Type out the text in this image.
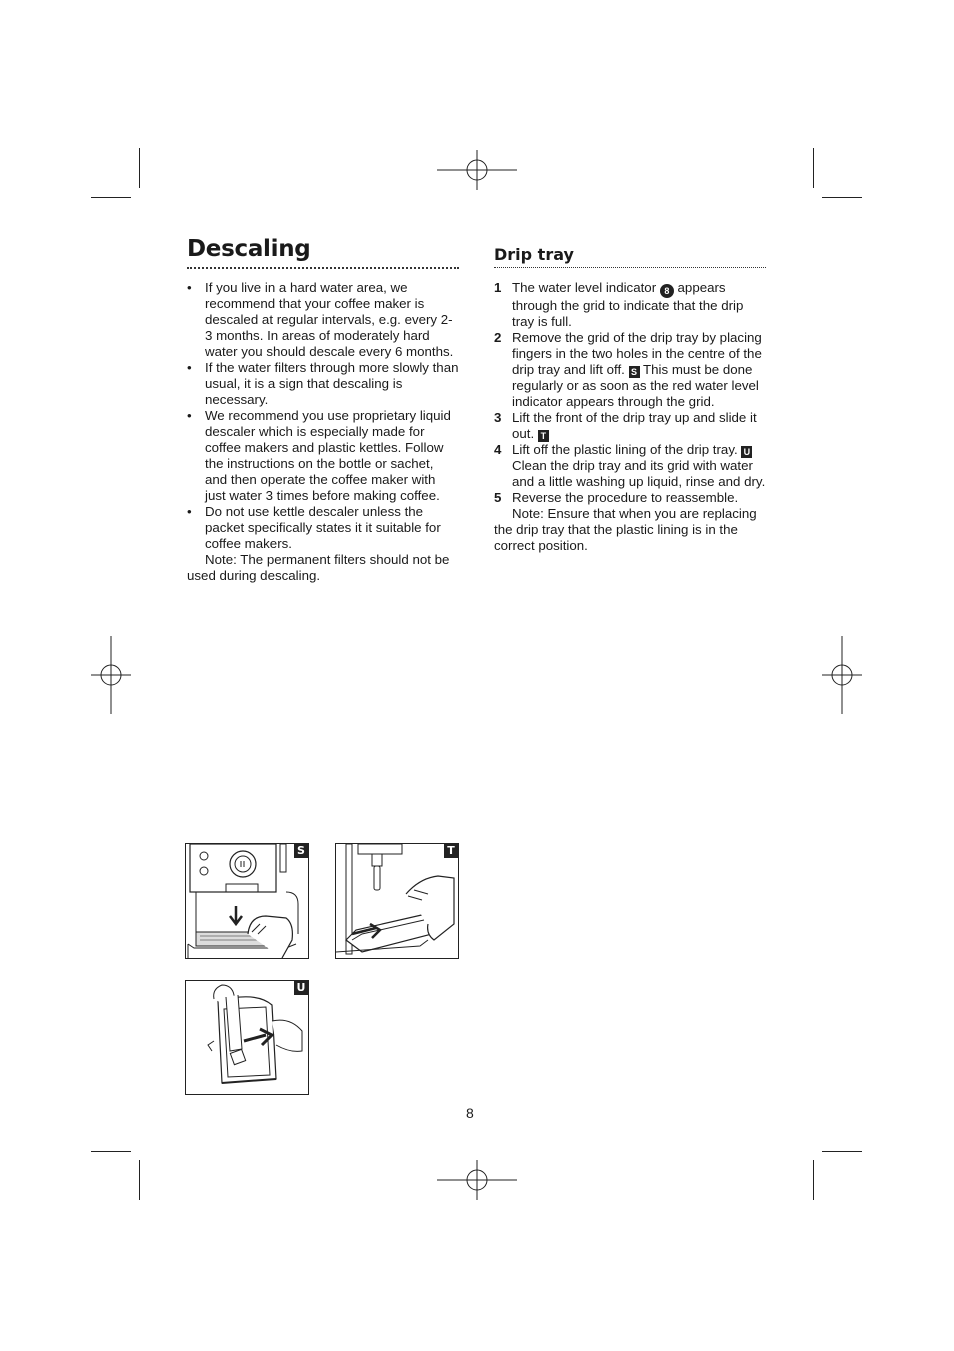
Descaling	Drip tray
• If you live in a hard water area, we recommend that your coffee maker is descaled at regular intervals, e.g. every 2-3 months. In areas of moderately hard water you should descale every 6 months.
• If the water filters through more slowly than usual, it is a sign that descaling is necessary.
• We recommend you use proprietary liquid descaler which is especially made for coffee makers and plastic kettles. Follow the instructions on the bottle or sachet, and then operate the coffee maker with just water 3 times before making coffee.
• Do not use kettle descaler unless the packet specifically states it it suitable for coffee makers.

Note: The permanent filters should not be used during descaling.

1 The water level indicator 8 appears through the grid to indicate that the drip tray is full.
2 Remove the grid of the drip tray by placing fingers in the two holes in the centre of the drip tray and lift off. S This must be done regularly or as soon as the red water level indicator appears through the grid.
3 Lift the front of the drip tray up and slide it out. T
4 Lift off the plastic lining of the drip tray. U Clean the drip tray and its grid with water and a little washing up liquid, rinse and dry.
5 Reverse the procedure to reassemble.

Note: Ensure that when you are replacing the drip tray that the plastic lining is in the correct position.

S	T
U
8
